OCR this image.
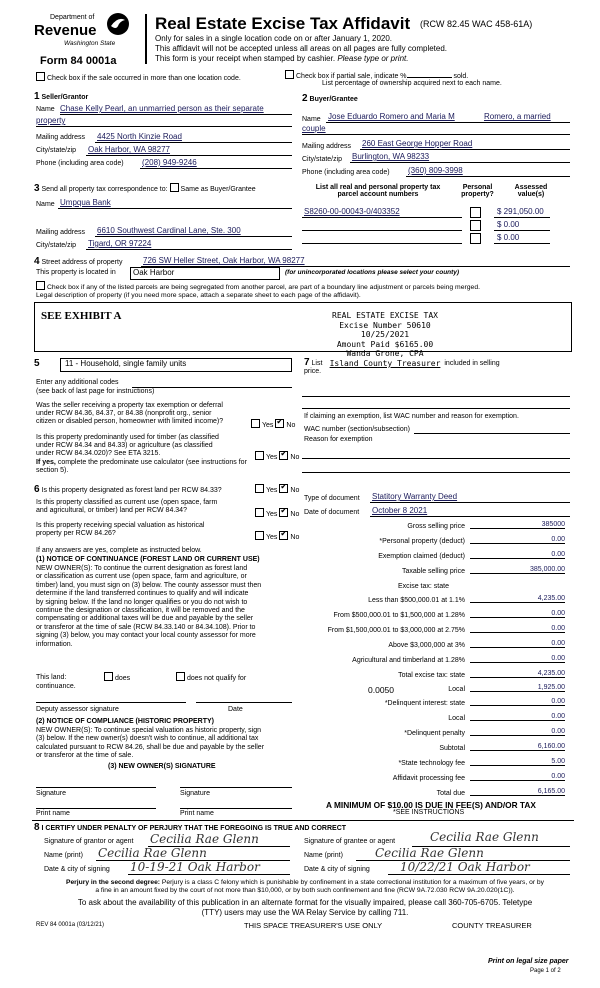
Department of
Revenue
Washington State
Form 84 0001a
Real Estate Excise Tax Affidavit (RCW 82.45 WAC 458-61A)
Only for sales in a single location code on or after January 1, 2020.
This affidavit will not be accepted unless all areas on all pages are fully completed.
This form is your receipt when stamped by cashier. Please type or print.
Check box if the sale occurred in more than one location code.	Check box if partial sale, indicate %	sold.
List percentage of ownership acquired next to each name.
1 Seller/Grantor
Name Chase Kelly Pearl, an unmarried person as their separate
property
Mailing address 4425 North Kinzie Road
City/state/zip Oak Harbor, WA 98277
Phone (including area code) (208) 949-9246
2 Buyer/Grantee
Name Jose Eduardo Romero and Maria M	Romero, a married
couple
Mailing address 260 East George Hopper Road
City/state/zip Burlington, WA 98233
Phone (including area code) (360) 809-3998
3 Send all property tax correspondence to: Same as Buyer/Grantee
Name Umpqua Bank
Mailing address 6610 Southwest Cardinal Lane, Ste. 300
City/state/zip Tigard, OR 97224
List all real and personal property tax parcel account numbers
Personal property?
Assessed value(s)
S8260-00-00043-0/403352	$ 291,050.00
$ 0.00
$ 0.00
4 Street address of property	726 SW Heller Street, Oak Harbor, WA 98277
This property is located in	Oak Harbor	(for unincorporated locations please select your county)
Check box if any of the listed parcels are being segregated from another parcel, are part of a boundary line adjustment or parcels being merged.
Legal description of property (if you need more space, attach a separate sheet to each page of the affidavit).
SEE EXHIBIT A	REAL ESTATE EXCISE TAX
Excise Number 50610
10/25/2021
Amount Paid $6165.00
Wanda Grone, CPA
Island County Treasurer
5	11 - Household, single family units
Enter any additional codes
(see back of last page for instructions)
Was the seller receiving a property tax exemption or deferral
under RCW 84.36, 84.37, or 84.38 (nonprofit org., senior
citizen or disabled person, homeowner with limited income)?
Yes ✔ No
Is this property predominantly used for timber (as classified
under RCW 84.34 and 84.33) or agriculture (as classified
under RCW 84.34.020)? See ETA 3215.
If yes, complete the predominate use calculator (see instructions for
section 5).
Yes ✔ No
6 Is this property designated as forest land per RCW 84.33?	Yes ✔ No
Is this property classified as current use (open space, farm
and agricultural, or timber) land per RCW 84.34?
Yes ✔ No
Is this property receiving special valuation as historical
property per RCW 84.26?
Yes ✔ No
If any answers are yes, complete as instructed below.
(1) NOTICE OF CONTINUANCE (FOREST LAND OR CURRENT USE)
NEW OWNER(S): To continue the current designation as forest land
or classification as current use (open space, farm and agriculture, or
timber) land, you must sign on (3) below. The county assessor must then
determine if the land transferred continues to qualify and will indicate
by signing below. If the land no longer qualifies or you do not wish to
continue the designation or classification, it will be removed and the
compensating or additional taxes will be due and payable by the seller
or transferor at the time of sale (RCW 84.33.140 or 84.34.108). Prior to
signing (3) below, you may contact your local county assessor for more
information.
This land:	does	does not qualify for
continuance.
Deputy assessor signature	Date
(2) NOTICE OF COMPLIANCE (HISTORIC PROPERTY)
NEW OWNER(S): To continue special valuation as historic property, sign
(3) below. If the new owner(s) doesn't wish to continue, all additional tax
calculated pursuant to RCW 84.26, shall be due and payable by the seller
or transferor at the time of sale.
(3) NEW OWNER(S) SIGNATURE
Signature	Signature
Print name	Print name
7 List	included in selling
price.
If claiming an exemption, list WAC number and reason for exemption.
WAC number (section/subsection)
Reason for exemption
Type of document Statitory Warranty Deed
Date of document October 8 2021
Gross selling price	385000
*Personal property (deduct)	0.00
Exemption claimed (deduct)	0.00
Taxable selling price	385,000.00
Excise tax: state
Less than $500,000.01 at 1.1%	4,235.00
From $500,000.01 to $1,500,000 at 1.28%	0.00
From $1,500,000.01 to $3,000,000 at 2.75%	0.00
Above $3,000,000 at 3%	0.00
Agricultural and timberland at 1.28%	0.00
Total excise tax: state	4,235.00
0.0050	Local	1,925.00
*Delinquent interest: state	0.00
Local	0.00
*Delinquent penalty	0.00
Subtotal	6,160.00
*State technology fee	5.00
Affidavit processing fee	0.00
Total due	6,165.00
A MINIMUM OF $10.00 IS DUE IN FEE(S) AND/OR TAX
*SEE INSTRUCTIONS
8 I CERTIFY UNDER PENALTY OF PERJURY THAT THE FOREGOING IS TRUE AND CORRECT
Signature of grantor or agent Cecilia Rae Glenn
Name (print) Cecilia Rae Glenn
Date & city of signing 10-19-21 Oak Harbor
Signature of grantee or agent	Cecilia Rae Glenn
Name (print)	Cecilia Rae Glenn
Date & city of signing	10/22/21 Oak Harbor
Perjury in the second degree: Perjury is a class C felony which is punishable by confinement in a state correctional institution for a maximum of five years, or by
a fine in an amount fixed by the court of not more than $10,000, or by both such confinement and fine (RCW 9A.72.030 RCW 9A.20.020(1C)).
To ask about the availability of this publication in an alternate format for the visually impaired, please call 360-705-6705. Teletype
(TTY) users may use the WA Relay Service by calling 711.
REV 84 0001a (03/12/21)	THIS SPACE TREASURER'S USE ONLY	COUNTY TREASURER
Print on legal size paper
Page 1 of 2
